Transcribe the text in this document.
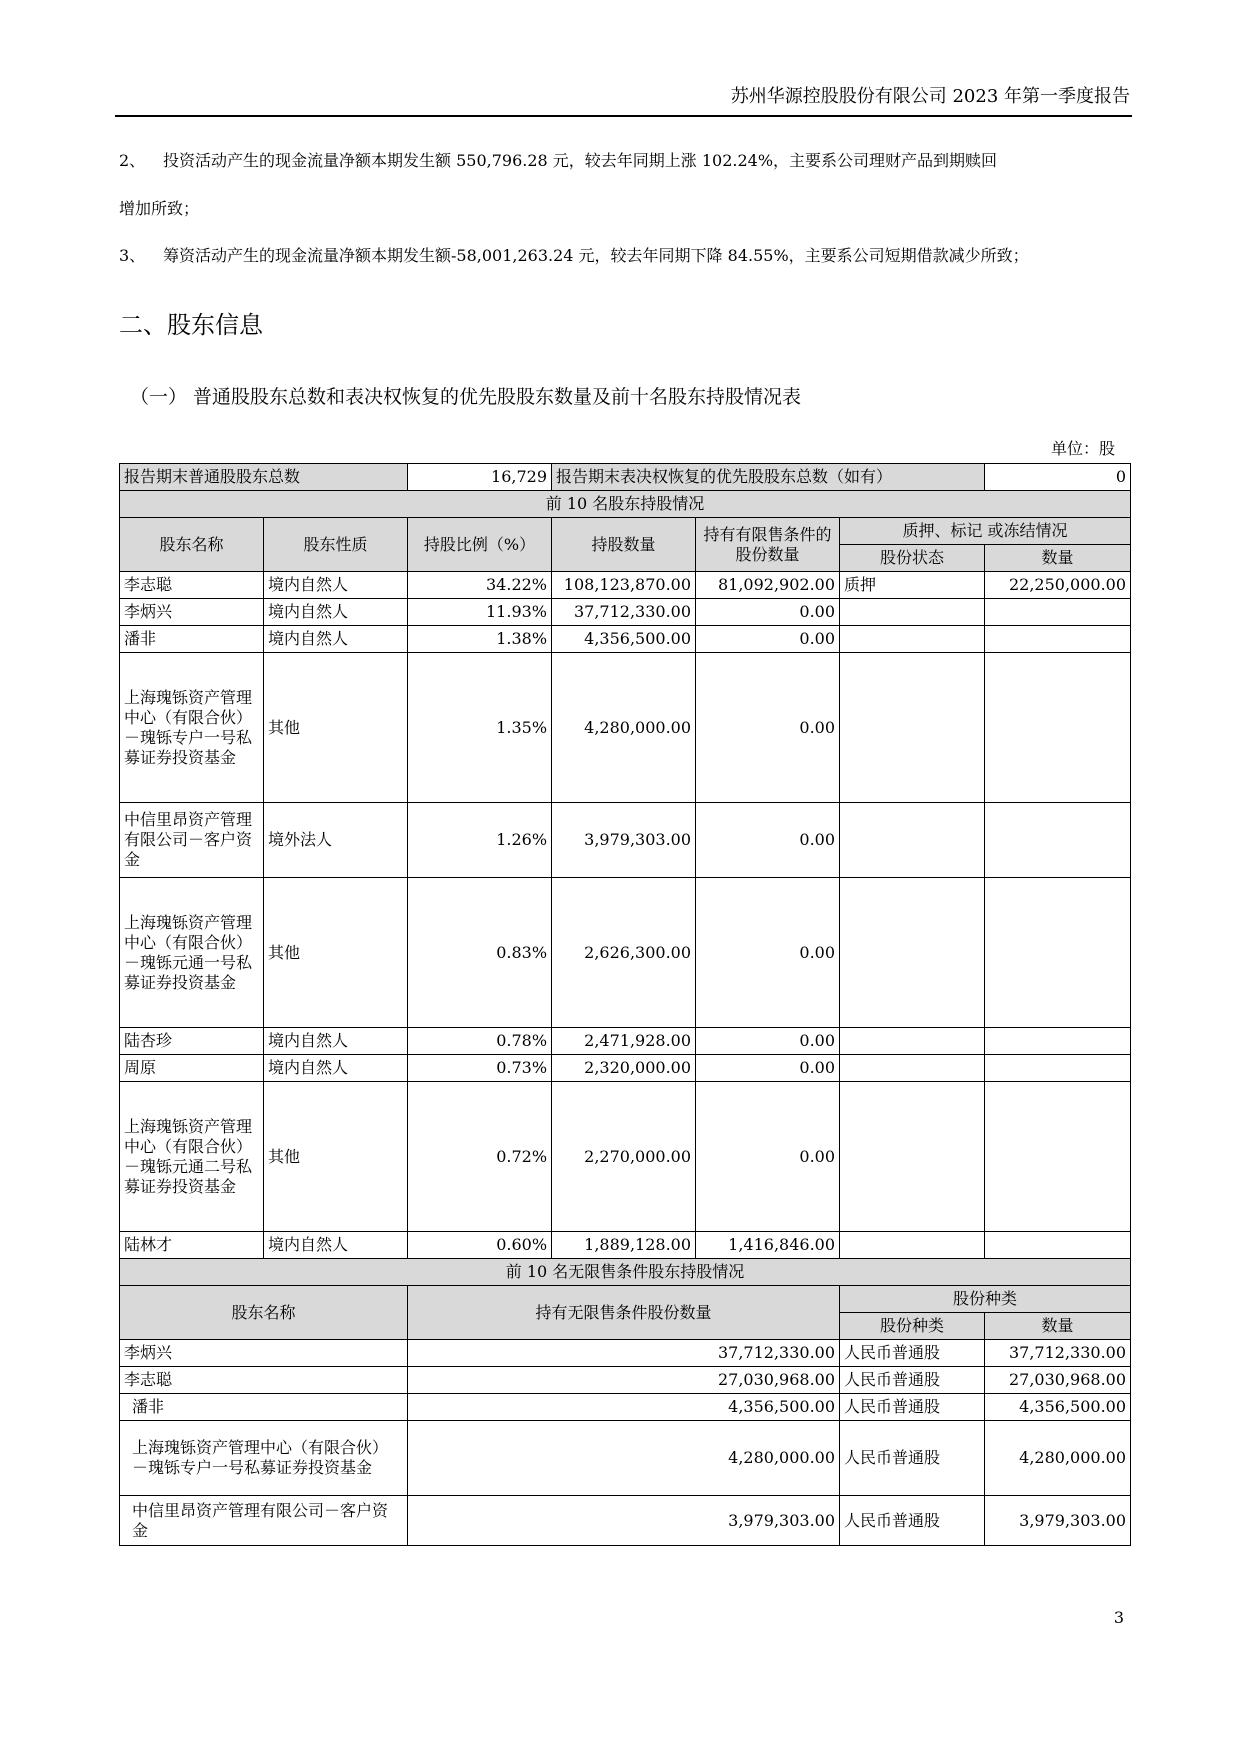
苏州华源控股股份有限公司 2023 年第一季度报告
2、 投资活动产生的现金流量净额本期发生额 550,796.28 元，较去年同期上涨 102.24%，主要系公司理财产品到期赎回
增加所致；
3、 筹资活动产生的现金流量净额本期发生额-58,001,263.24 元，较去年同期下降 84.55%，主要系公司短期借款减少所致；
二、股东信息
（一） 普通股股东总数和表决权恢复的优先股股东数量及前十名股东持股情况表
单位：股
报告期末普通股股东总数		16,729	报告期末表决权恢复的优先股股东总数（如有）			0
前 10 名股东持股情况						
股东名称	股东性质	持股比例（%）	持股数量	持有有限售条件的股份数量	质押、标记 或冻结情况	
					股份状态	数量
李志聪	境内自然人	34.22%	108,123,870.00	81,092,902.00	质押	22,250,000.00
李炳兴	境内自然人	11.93%	37,712,330.00	0.00		
潘非	境内自然人	1.38%	4,356,500.00	0.00		
上海瑰铄资产管理中心（有限合伙）－瑰铄专户一号私募证券投资基金	其他	1.35%	4,280,000.00	0.00		
中信里昂资产管理有限公司－客户资金	境外法人	1.26%	3,979,303.00	0.00		
上海瑰铄资产管理中心（有限合伙）－瑰铄元通一号私募证券投资基金	其他	0.83%	2,626,300.00	0.00		
陆杏珍	境内自然人	0.78%	2,471,928.00	0.00		
周原	境内自然人	0.73%	2,320,000.00	0.00		
上海瑰铄资产管理中心（有限合伙）－瑰铄元通二号私募证券投资基金	其他	0.72%	2,270,000.00	0.00		
陆林才	境内自然人	0.60%	1,889,128.00	1,416,846.00		
前 10 名无限售条件股东持股情况						
股东名称		持有无限售条件股份数量			股份种类	
					股份种类	数量
李炳兴		37,712,330.00			人民币普通股	37,712,330.00
李志聪		27,030,968.00			人民币普通股	27,030,968.00
潘非		4,356,500.00			人民币普通股	4,356,500.00
上海瑰铄资产管理中心（有限合伙）－瑰铄专户一号私募证券投资基金		4,280,000.00			人民币普通股	4,280,000.00
中信里昂资产管理有限公司－客户资金		3,979,303.00			人民币普通股	3,979,303.00
3
